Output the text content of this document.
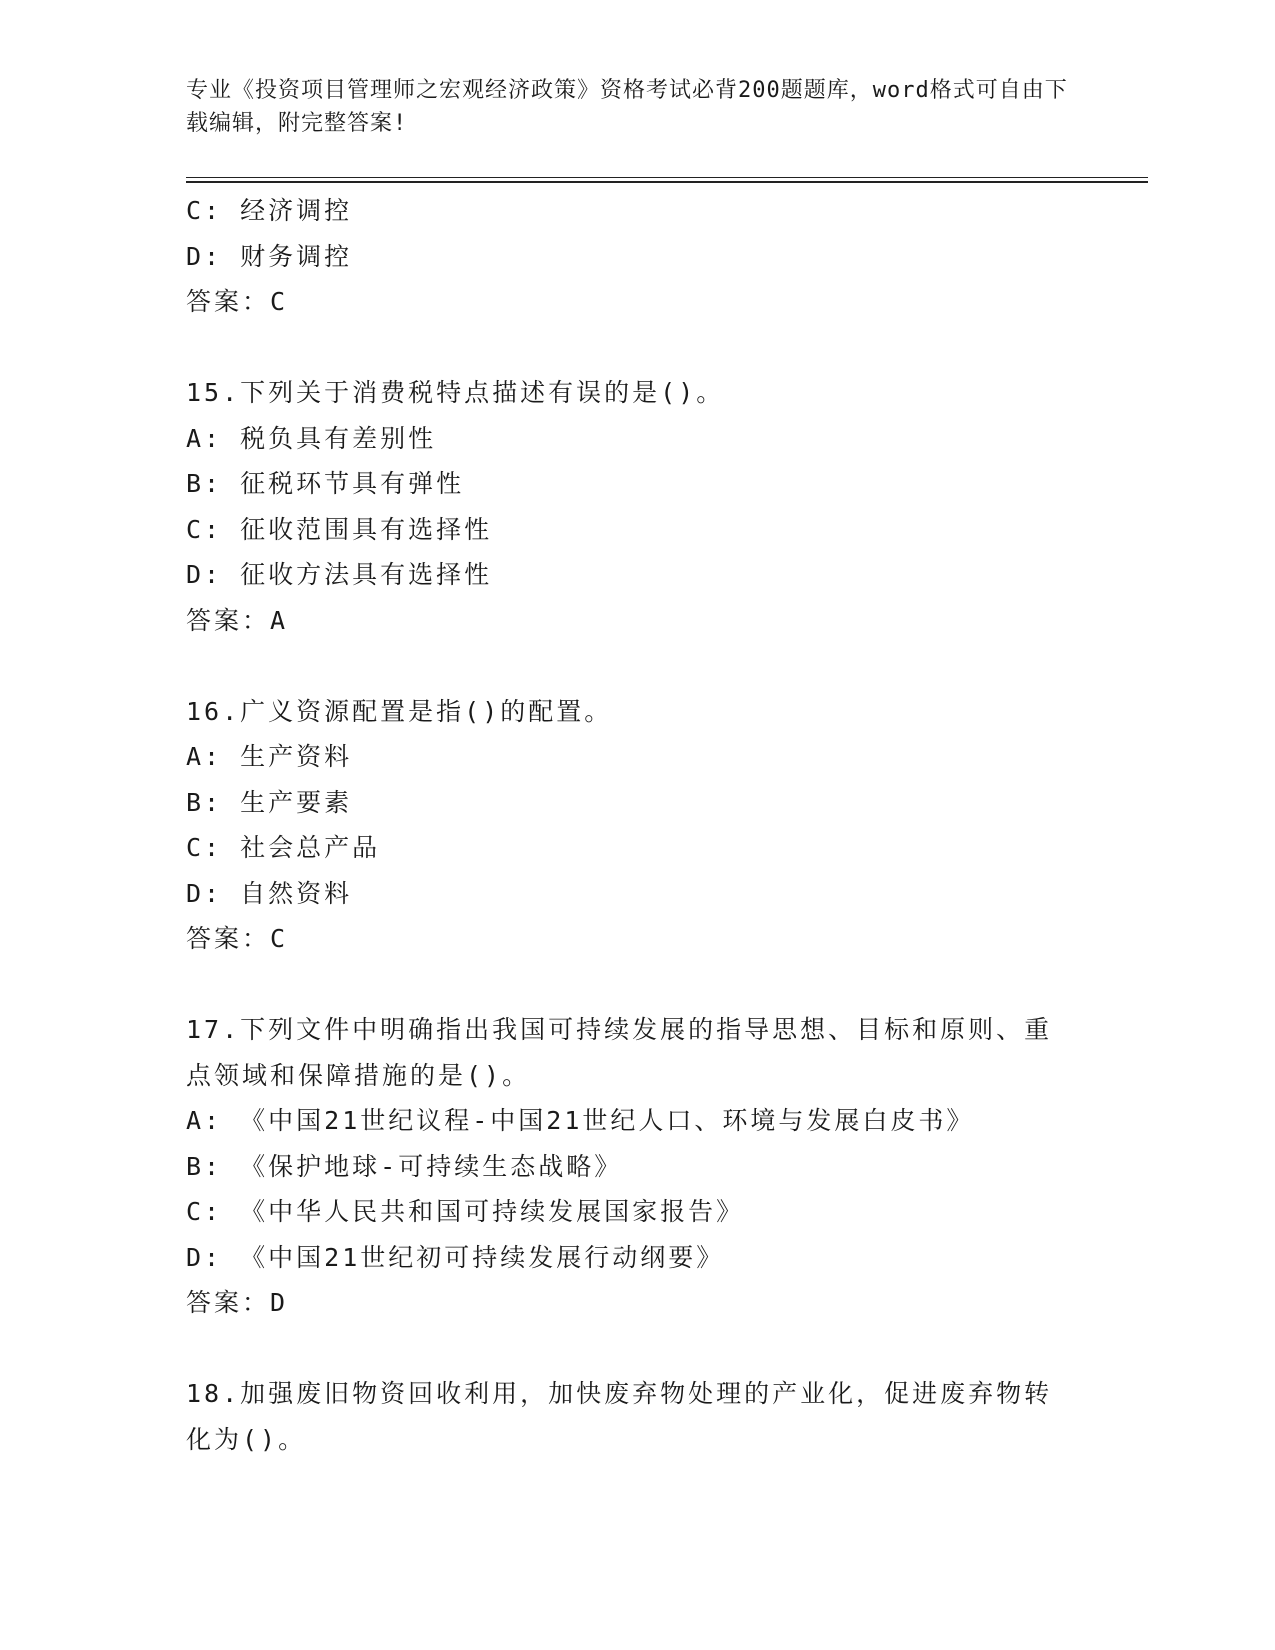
专业《投资项目管理师之宏观经济政策》资格考试必背200题题库，word格式可自由下载编辑，附完整答案!
C: 经济调控
D: 财务调控
答案：C
15.下列关于消费税特点描述有误的是()。
A: 税负具有差别性
B: 征税环节具有弹性
C: 征收范围具有选择性
D: 征收方法具有选择性
答案：A
16.广义资源配置是指()的配置。
A: 生产资料
B: 生产要素
C: 社会总产品
D: 自然资料
答案：C
17.下列文件中明确指出我国可持续发展的指导思想、目标和原则、重
点领域和保障措施的是()。
A: 《中国21世纪议程-中国21世纪人口、环境与发展白皮书》
B: 《保护地球-可持续生态战略》
C: 《中华人民共和国可持续发展国家报告》
D: 《中国21世纪初可持续发展行动纲要》
答案：D
18.加强废旧物资回收利用，加快废弃物处理的产业化，促进废弃物转
化为()。
